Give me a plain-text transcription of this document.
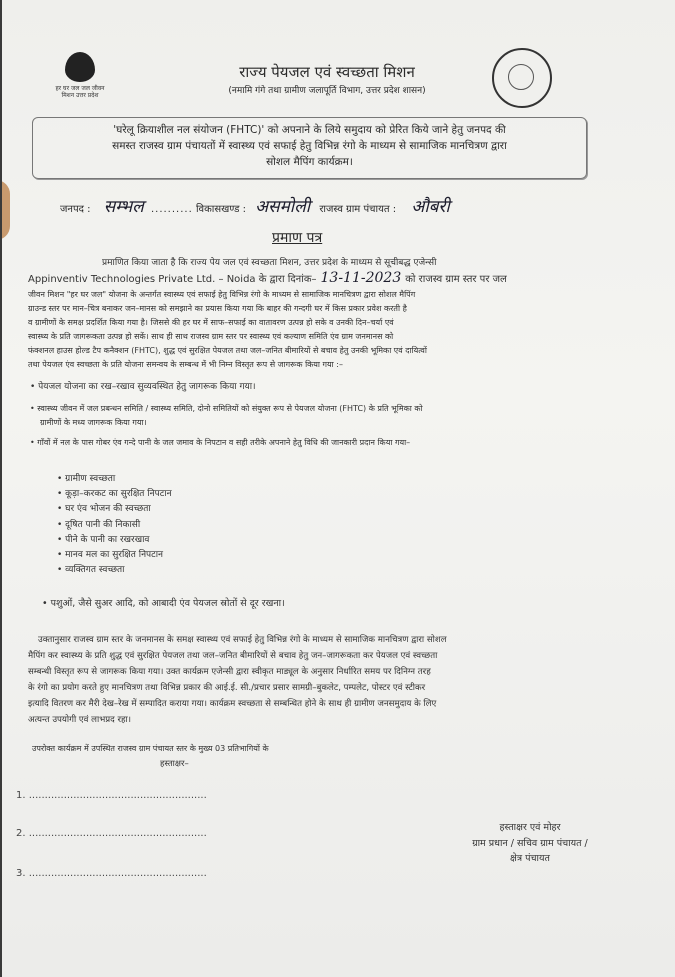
हर घर जल जल जीवन मिशन उत्तर प्रदेश
राज्य पेयजल एवं स्वच्छता मिशन
(नमामि गंगे तथा ग्रामीण जलापूर्ति विभाग, उत्तर प्रदेश शासन)
'घरेलू क्रियाशील नल संयोजन (FHTC)' को अपनाने के लिये समुदाय को प्रेरित किये जाने हेतु जनपद की
समस्त राजस्व ग्राम पंचायतों में स्वास्थ्य एवं सफाई हेतु विभिन्न रंगो के माध्यम से सामाजिक मानचित्रण द्वारा
सोशल मैपिंग कार्यक्रम।
जनपद : सम्भल .......... विकासखण्ड : असमोली राजस्व ग्राम पंचायत : औबरी
प्रमाण पत्र
प्रमाणित किया जाता है कि राज्य पेय जल एवं स्वच्छता मिशन, उत्तर प्रदेश के माध्यम से सूचीबद्ध एजेन्सी
Appinventiv Technologies Private Ltd. – Noida के द्वारा दिनांक– 13-11-2023 को राजस्व ग्राम स्तर पर जल
जीवन मिशन "हर घर जल" योजना के अन्तर्गत स्वास्थ्य एवं सफाई हेतु विभिन्न रंगो के माध्यम से सामाजिक मानचित्रण द्वारा सोशल मैपिंग
ग्राउन्ड स्तर पर मान–चित्र बनाकर जन–मानस को समझाने का प्रयास किया गया कि बाहर की गन्दगी घर में किस प्रकार प्रवेश करती है
व ग्रामीणों के समक्ष प्रदर्शित किया गया है। जिससे की हर घर में साफ–सफाई का वातावरण उत्पन्न हो सके व उनकी दिन–चर्या एवं
स्वास्थ्य के प्रति जागरूकता उत्पन्न हो सकें। साथ ही साथ राजस्व ग्राम स्तर पर स्वास्थ्य एवं कल्याण समिति एंव ग्राम जनमानस को
फंक्शनल हाउस होल्ड टैप कनैक्शन (FHTC), शुद्ध एवं सुरक्षित पेयजल तथा जल–जनित बीमारियों से बचाव हेतु उनकी भूमिका एवं दायित्वों
तथा पेयजल एंव स्वच्छता के प्रति योजना समन्वय के सम्बन्ध में भी निम्न विस्तृत रूप से जागरूक किया गया :–
• पेयजल योजना का रख–रखाव सुव्यवस्थित हेतु जागरूक किया गया।
• स्वास्थ्य जीवन में जल प्रबन्धन समिति / स्वास्थ्य समिति, दोनो समितियों को संयुक्त रूप से पेयजल योजना (FHTC) के प्रति भूमिका को
ग्रामीणों के मध्य जागरूक किया गया।
• गाँवों में नल के पास गोबर एंव गन्दे पानी के जल जमाव के निपटान व सही तरीके अपनाने हेतु विधि की जानकारी प्रदान किया गया–
• ग्रामीण स्वच्छता
• कूड़ा–करकट का सुरक्षित निपटान
• घर एंव भोजन की स्वच्छता
• दूषित पानी की निकासी
• पीने के पानी का रखरखाव
• मानव मल का सुरक्षित निपटान
• व्यक्तिगत स्वच्छता
• पशुओं, जैसे सुअर आदि, को आबादी एंव पेयजल स्रोतों से दूर रखना।
उक्तानुसार राजस्व ग्राम स्तर के जनमानस के समक्ष स्वास्थ्य एवं सफाई हेतु विभिन्न रंगो के माध्यम से सामाजिक मानचित्रण द्वारा सोशल
मैपिंग कर स्वास्थ्य के प्रति शुद्ध एवं सुरक्षित पेयजल तथा जल–जनित बीमारियों से बचाव हेतु जन–जागरूकता कर पेयजल एवं स्वच्छता
सम्बन्धी विस्तृत रूप से जागरूक किया गया। उक्त कार्यक्रम एजेन्सी द्वारा स्वीकृत माड्यूल के अनुसार निर्धारित समय पर दिनिग्न तरह
के रंगो का प्रयोग करते हुए मानचित्रण तथा विभिन्न प्रकार की आई.ई. सी./प्रचार प्रसार सामग्री–बुकलेट, पम्पलेट, पोस्टर एवं स्टीकर
इत्यादि वितरण कर मैरी देख–रेख में सम्पादित कराया गया। कार्यक्रम स्वच्छता से सम्बन्धित होने के साथ ही ग्रामीण जनसमुदाय के लिए
अत्यन्त उपयोगी एवं लाभप्रद रहा।
उपरोक्त कार्यक्रम में उपस्थित राजस्व ग्राम पंचायत स्तर के मुख्य 03 प्रतिभागियों के
हस्ताक्षर–
1. ........................................................
2. ........................................................
3. ........................................................
हस्ताक्षर एवं मोहर
ग्राम प्रधान / सचिव ग्राम पंचायत /
क्षेत्र पंचायत
